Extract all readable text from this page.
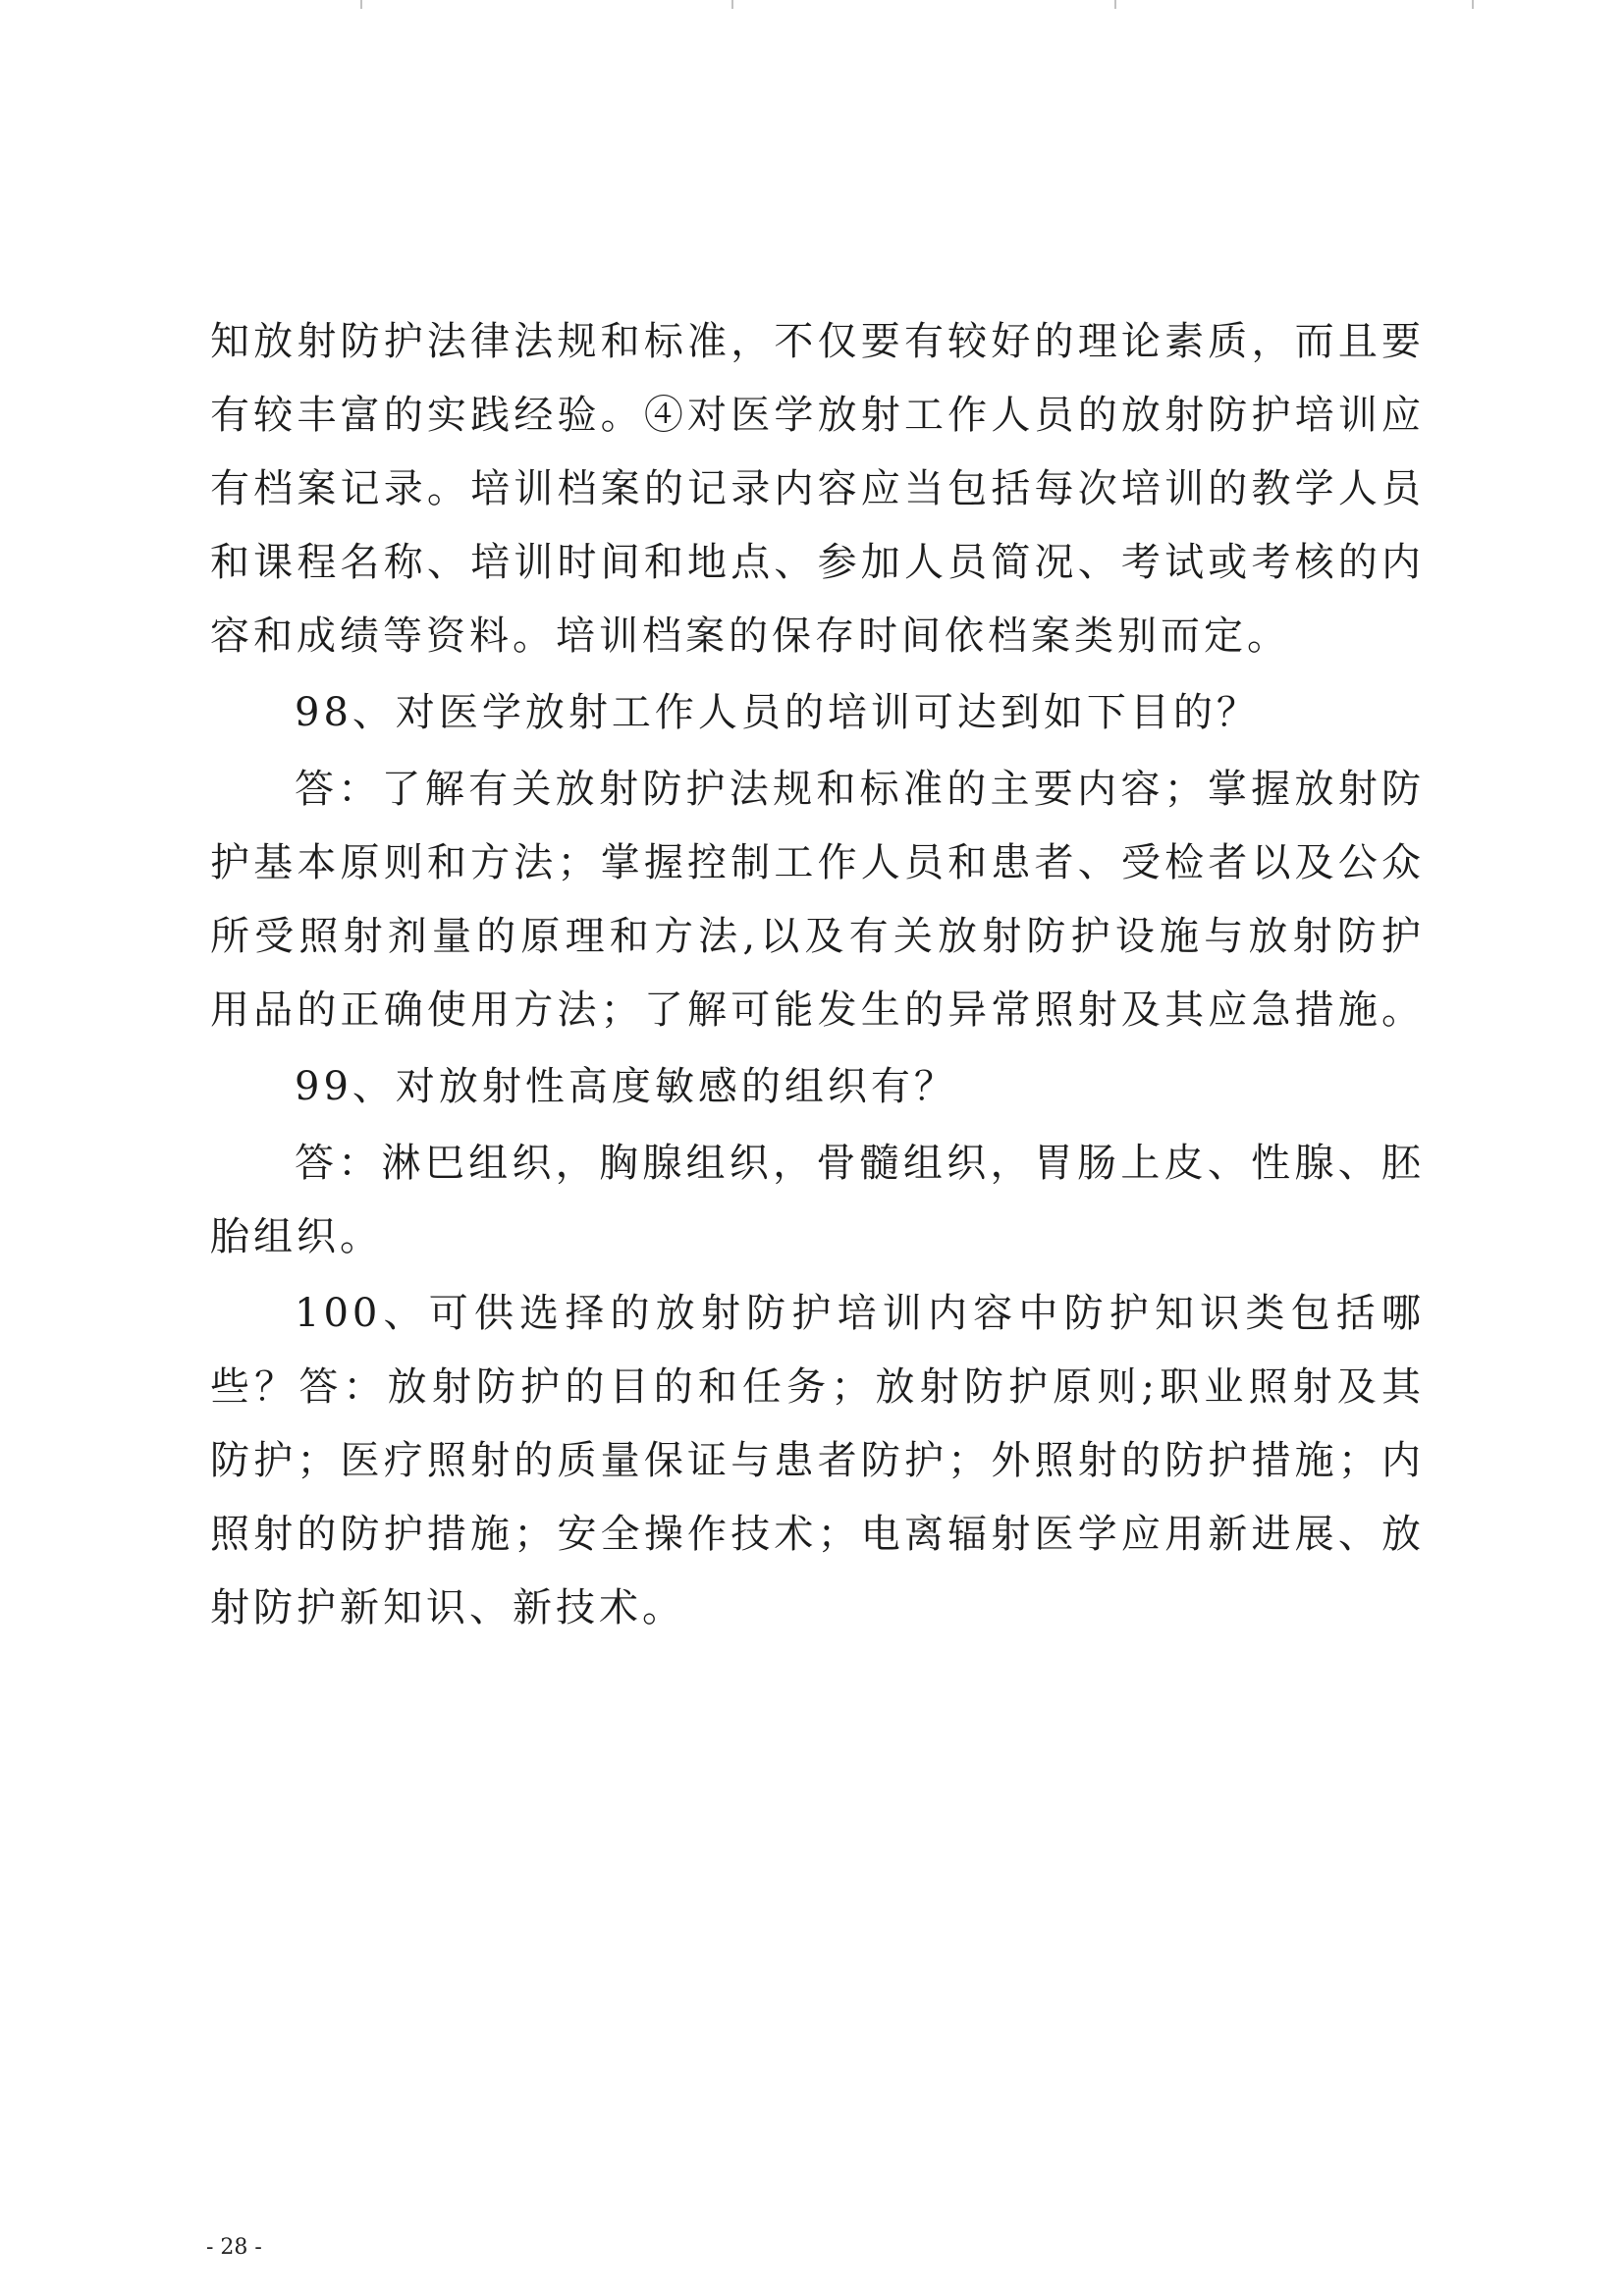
知放射防护法律法规和标准，不仅要有较好的理论素质，而且要
有较丰富的实践经验。④对医学放射工作人员的放射防护培训应
有档案记录。培训档案的记录内容应当包括每次培训的教学人员
和课程名称、培训时间和地点、参加人员简况、考试或考核的内
容和成绩等资料。培训档案的保存时间依档案类别而定。
98、对医学放射工作人员的培训可达到如下目的？
答：了解有关放射防护法规和标准的主要内容；掌握放射防
护基本原则和方法；掌握控制工作人员和患者、受检者以及公众
所受照射剂量的原理和方法,以及有关放射防护设施与放射防护
用品的正确使用方法；了解可能发生的异常照射及其应急措施。
99、对放射性高度敏感的组织有？
答：淋巴组织，胸腺组织，骨髓组织，胃肠上皮、性腺、胚
胎组织。
100、可供选择的放射防护培训内容中防护知识类包括哪
些？答：放射防护的目的和任务；放射防护原则;职业照射及其
防护；医疗照射的质量保证与患者防护；外照射的防护措施；内
照射的防护措施；安全操作技术；电离辐射医学应用新进展、放
射防护新知识、新技术。
- 28 -
